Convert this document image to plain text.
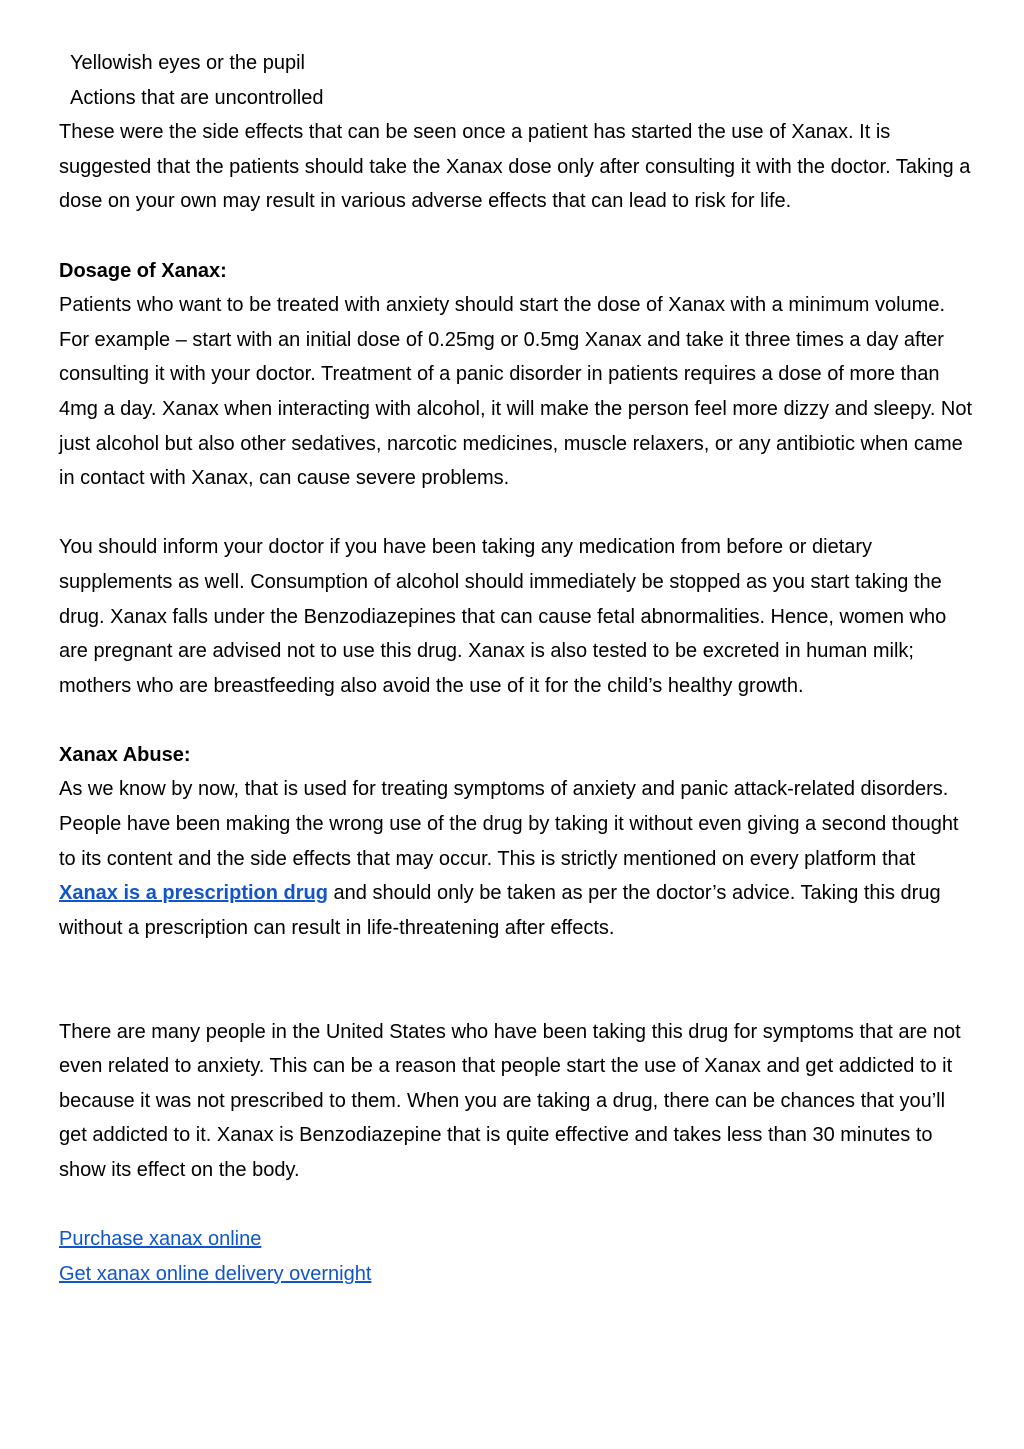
Yellowish eyes or the pupil

Actions that are uncontrolled

These were the side effects that can be seen once a patient has started the use of Xanax. It is suggested that the patients should take the Xanax dose only after consulting it with the doctor. Taking a dose on your own may result in various adverse effects that can lead to risk for life.

Dosage of Xanax:

Patients who want to be treated with anxiety should start the dose of Xanax with a minimum volume. For example – start with an initial dose of 0.25mg or 0.5mg Xanax and take it three times a day after consulting it with your doctor. Treatment of a panic disorder in patients requires a dose of more than 4mg a day. Xanax when interacting with alcohol, it will make the person feel more dizzy and sleepy. Not just alcohol but also other sedatives, narcotic medicines, muscle relaxers, or any antibiotic when came in contact with Xanax, can cause severe problems.

You should inform your doctor if you have been taking any medication from before or dietary supplements as well. Consumption of alcohol should immediately be stopped as you start taking the drug. Xanax falls under the Benzodiazepines that can cause fetal abnormalities. Hence, women who are pregnant are advised not to use this drug. Xanax is also tested to be excreted in human milk; mothers who are breastfeeding also avoid the use of it for the child’s healthy growth.

Xanax Abuse:

As we know by now, that is used for treating symptoms of anxiety and panic attack-related disorders. People have been making the wrong use of the drug by taking it without even giving a second thought to its content and the side effects that may occur. This is strictly mentioned on every platform that Xanax is a prescription drug and should only be taken as per the doctor’s advice. Taking this drug without a prescription can result in life-threatening after effects.

There are many people in the United States who have been taking this drug for symptoms that are not even related to anxiety. This can be a reason that people start the use of Xanax and get addicted to it because it was not prescribed to them. When you are taking a drug, there can be chances that you’ll get addicted to it. Xanax is Benzodiazepine that is quite effective and takes less than 30 minutes to show its effect on the body.

Purchase xanax online

Get xanax online delivery overnight
